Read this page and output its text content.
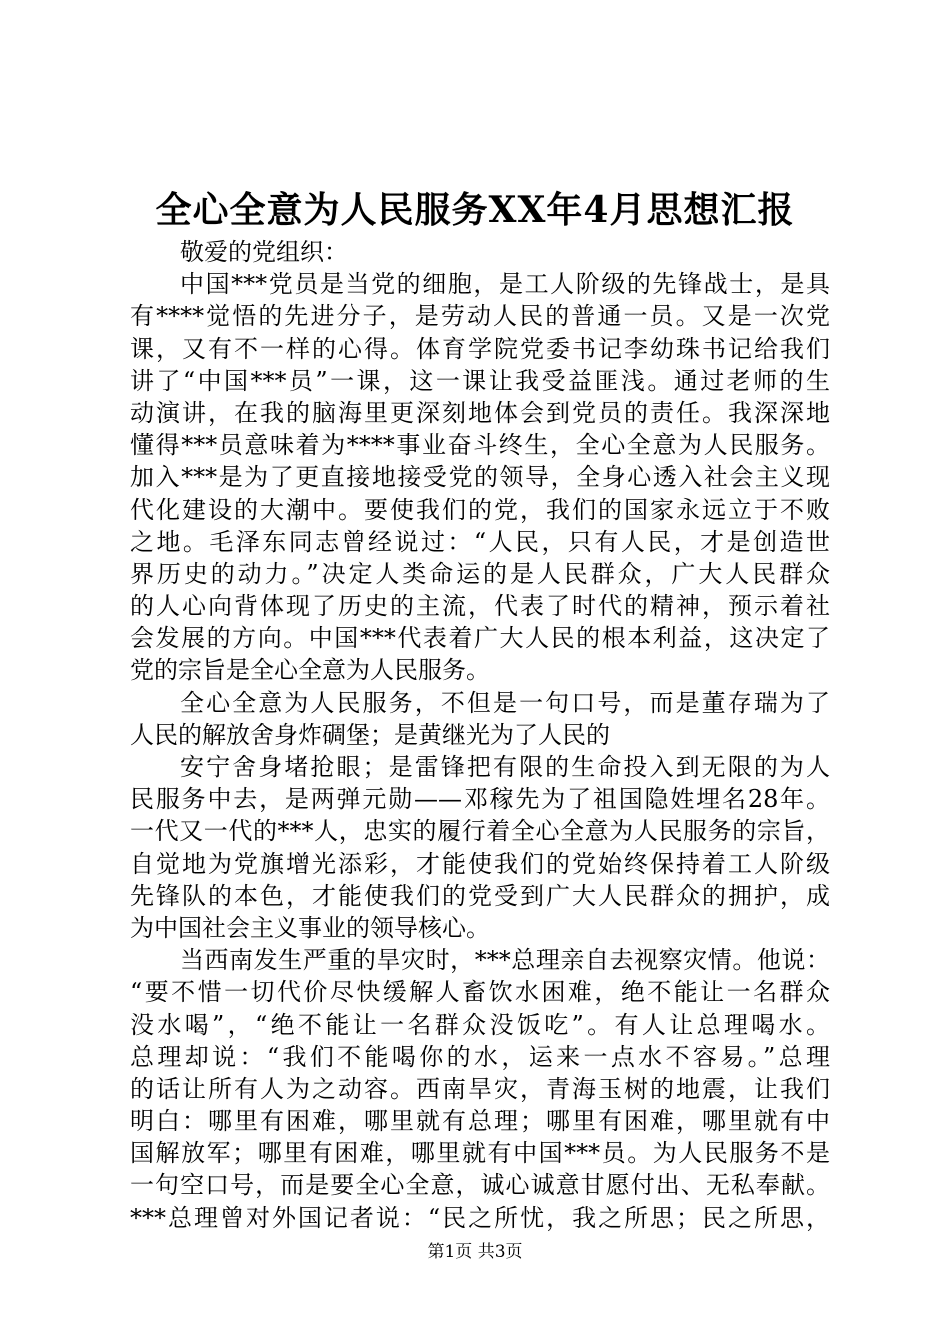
全心全意为人民服务XX年4月思想汇报
敬爱的党组织：
中国***党员是当党的细胞，是工人阶级的先锋战士，是具
有****觉悟的先进分子，是劳动人民的普通一员。又是一次党
课，又有不一样的心得。体育学院党委书记李幼珠书记给我们
讲了“中国***员”一课，这一课让我受益匪浅。通过老师的生
动演讲，在我的脑海里更深刻地体会到党员的责任。我深深地
懂得***员意味着为****事业奋斗终生，全心全意为人民服务。
加入***是为了更直接地接受党的领导，全身心透入社会主义现
代化建设的大潮中。要使我们的党，我们的国家永远立于不败
之地。毛泽东同志曾经说过：“人民，只有人民，才是创造世
界历史的动力。”决定人类命运的是人民群众，广大人民群众
的人心向背体现了历史的主流，代表了时代的精神，预示着社
会发展的方向。中国***代表着广大人民的根本利益，这决定了
党的宗旨是全心全意为人民服务。
全心全意为人民服务，不但是一句口号，而是董存瑞为了
人民的解放舍身炸碉堡；是黄继光为了人民的
安宁舍身堵抢眼；是雷锋把有限的生命投入到无限的为人
民服务中去，是两弹元勋——邓稼先为了祖国隐姓埋名28年。
一代又一代的***人，忠实的履行着全心全意为人民服务的宗旨，
自觉地为党旗增光添彩，才能使我们的党始终保持着工人阶级
先锋队的本色，才能使我们的党受到广大人民群众的拥护，成
为中国社会主义事业的领导核心。
当西南发生严重的旱灾时，***总理亲自去视察灾情。他说：
“要不惜一切代价尽快缓解人畜饮水困难，绝不能让一名群众
没水喝”，“绝不能让一名群众没饭吃”。有人让总理喝水。
总理却说：“我们不能喝你的水，运来一点水不容易。”总理
的话让所有人为之动容。西南旱灾，青海玉树的地震，让我们
明白：哪里有困难，哪里就有总理；哪里有困难，哪里就有中
国解放军；哪里有困难，哪里就有中国***员。为人民服务不是
一句空口号，而是要全心全意，诚心诚意甘愿付出、无私奉献。
***总理曾对外国记者说：“民之所忧，我之所思；民之所思，
第1页 共3页
